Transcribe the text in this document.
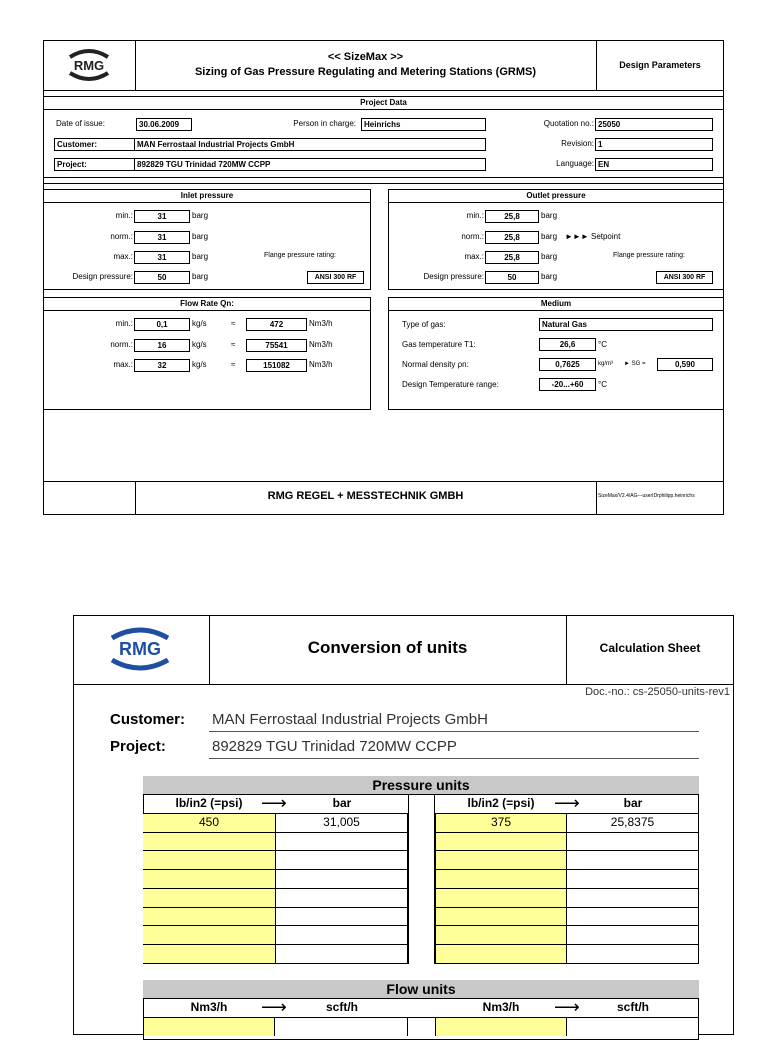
RMG
<< SizeMax >>
Sizing of Gas Pressure Regulating and Metering Stations (GRMS)
Design Parameters
Project Data
Date of issue:	30.06.2009	Person in charge:	Heinrichs	Quotation no.: 25050
Customer:	MAN Ferrostaal Industrial Projects GmbH	Revision: 1
Project:	892829 TGU Trinidad 720MW CCPP	Language: EN
Inlet pressure
min.:	31	barg
norm.:	31	barg
max.:	31	barg	Flange pressure rating:
Design pressure:	50	barg	ANSI 300 RF
Outlet pressure
min.:	25,8	barg
norm.:	25,8	barg ►►► Setpoint
max.:	25,8	barg	Flange pressure rating:
Design pressure:	50	barg	ANSI 300 RF
Flow Rate Qn:
min.:	0,1	kg/s	≈	472	Nm3/h
norm.:	16	kg/s	≈	75541	Nm3/h
max.:	32	kg/s	≈	151082	Nm3/h
Medium
Type of gas:	Natural Gas
Gas temperature T1:	26,6	°C
Normal density ρn:	0,7625	kg/m³ ► SG =	0,590
Design Temperature range:	-20...+60	°C
RMG REGEL + MESSTECHNIK GMBH	SizeMax/V2.4/AG---userIDrphilipp.heinrichs
RMG	Conversion of units	Calculation Sheet
Doc.-no.: cs-25050-units-rev1
Customer: MAN Ferrostaal Industrial Projects GmbH
Project:	892829 TGU Trinidad 720MW CCPP
Pressure units
lb/in2 (=psi)	⟶	bar	lb/in2 (=psi)	⟶	bar
450	31,005	375	25,8375
Flow units
Nm3/h	⟶	scft/h	Nm3/h	⟶	scft/h
